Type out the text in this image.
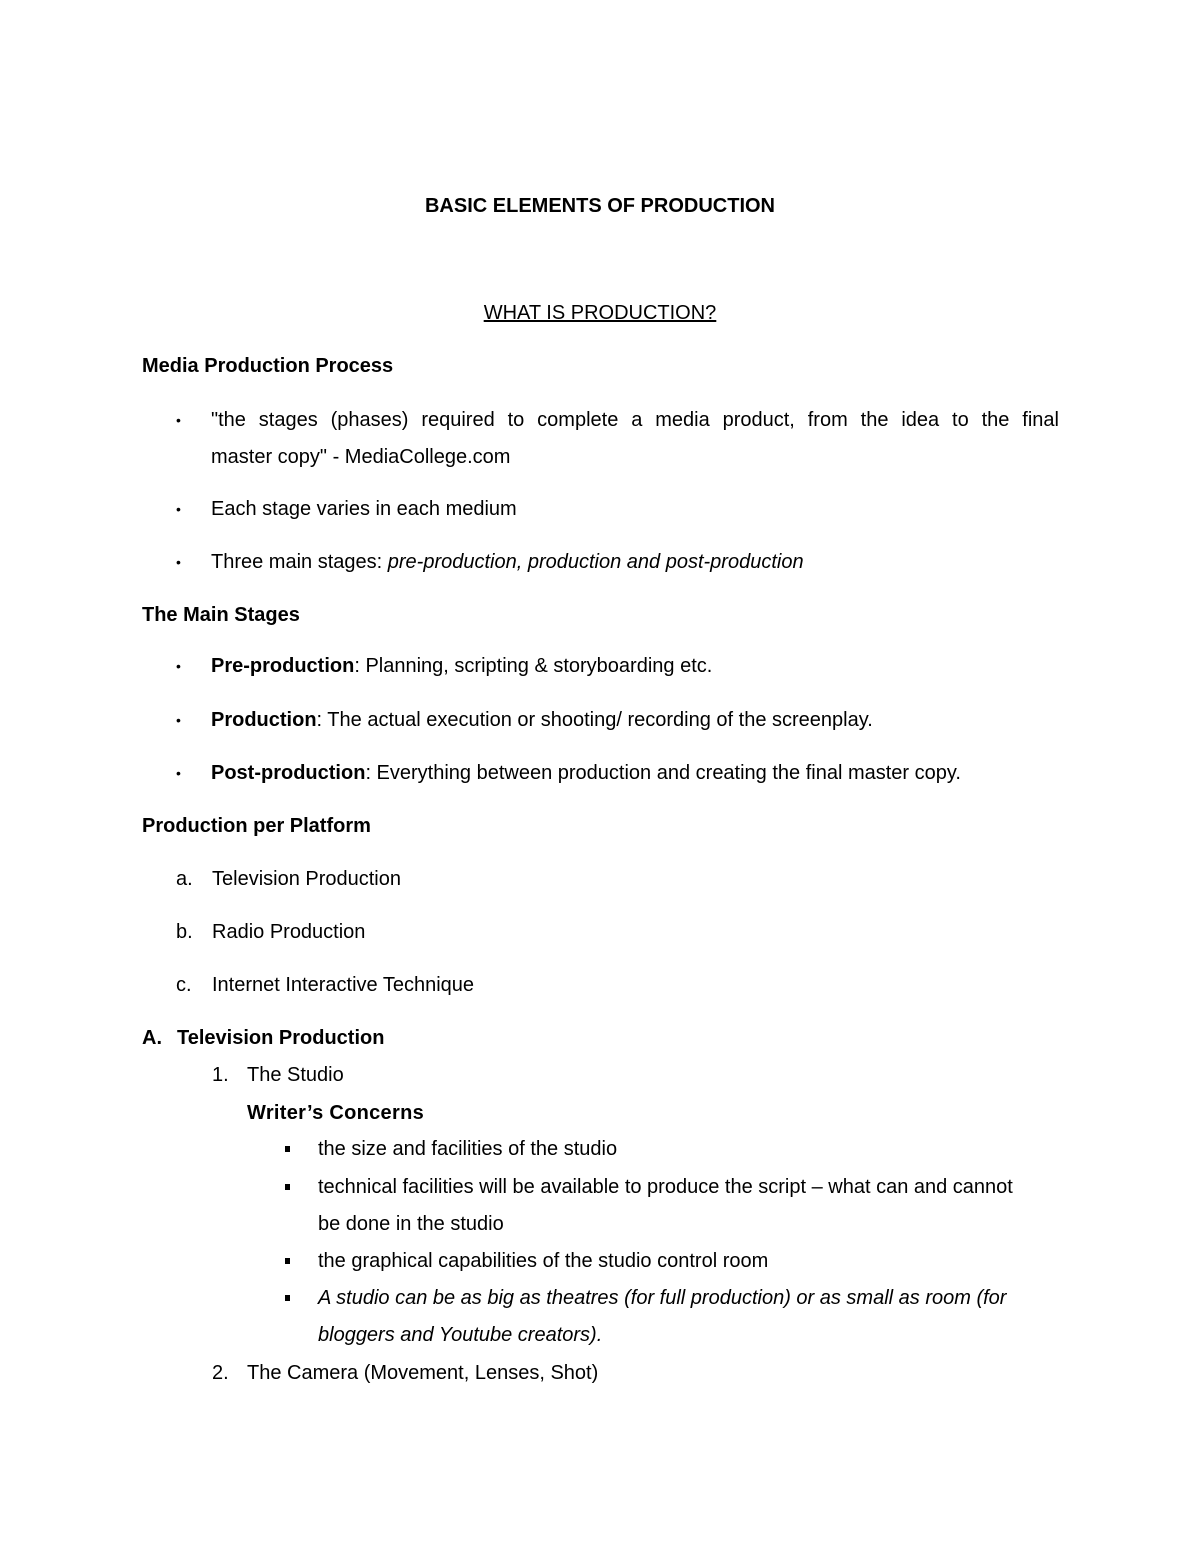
BASIC ELEMENTS OF PRODUCTION
WHAT IS PRODUCTION?
Media Production Process
• "the stages (phases) required to complete a media product, from the idea to the final
master copy" - MediaCollege.com
• Each stage varies in each medium
• Three main stages: pre-production, production and post-production
The Main Stages
• Pre-production: Planning, scripting & storyboarding etc.
• Production: The actual execution or shooting/ recording of the screenplay.
• Post-production: Everything between production and creating the final master copy.
Production per Platform
a. Television Production
b. Radio Production
c. Internet Interactive Technique
A. Television Production
1. The Studio
Writer’s Concerns
the size and facilities of the studio
technical facilities will be available to produce the script – what can and cannot
be done in the studio
the graphical capabilities of the studio control room
A studio can be as big as theatres (for full production) or as small as room (for
bloggers and Youtube creators).
2. The Camera (Movement, Lenses, Shot)
